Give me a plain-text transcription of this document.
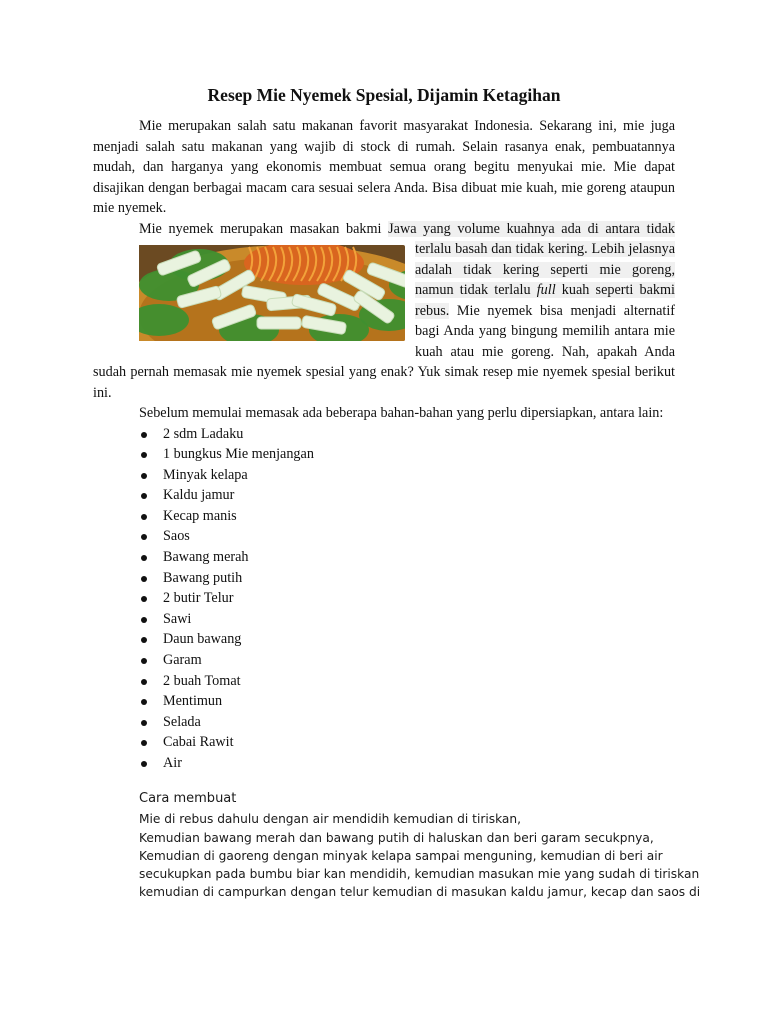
Resep Mie Nyemek Spesial, Dijamin Ketagihan

Mie merupakan salah satu makanan favorit masyarakat Indonesia. Sekarang ini, mie juga menjadi salah satu makanan yang wajib di stock di rumah. Selain rasanya enak, pembuatannya mudah, dan harganya yang ekonomis membuat semua orang begitu menyukai mie. Mie dapat disajikan dengan berbagai macam cara sesuai selera Anda. Bisa dibuat mie kuah, mie goreng ataupun mie nyemek.

Mie nyemek merupakan masakan bakmi
Jawa yang volume kuahnya ada di antara tidak terlalu basah dan tidak kering. Lebih jelasnya adalah tidak kering seperti mie goreng, namun tidak terlalu full kuah seperti bakmi rebus. Mie nyemek bisa menjadi alternatif bagi Anda yang bingung memilih antara mie kuah atau mie goreng. Nah, apakah Anda sudah pernah memasak mie nyemek spesial yang enak? Yuk simak resep mie nyemek spesial berikut ini.

Sebelum memulai memasak ada beberapa bahan-bahan yang perlu dipersiapkan, antara lain:

2 sdm Ladaku
1 bungkus Mie menjangan
Minyak kelapa
Kaldu jamur
Kecap manis
Saos
Bawang merah
Bawang putih
2 butir Telur
Sawi
Daun bawang
Garam
2 buah Tomat
Mentimun
Selada
Cabai Rawit
Air
Cara membuat
Mie di rebus dahulu dengan air mendidih kemudian di tiriskan,
Kemudian bawang merah dan bawang putih di haluskan dan beri garam secukpnya,
Kemudian di gaoreng dengan minyak kelapa sampai menguning, kemudian di beri air
secukupkan pada bumbu biar kan mendidih, kemudian masukan mie yang sudah di tiriskan
kemudian di campurkan dengan telur kemudian di masukan kaldu jamur, kecap dan saos di
